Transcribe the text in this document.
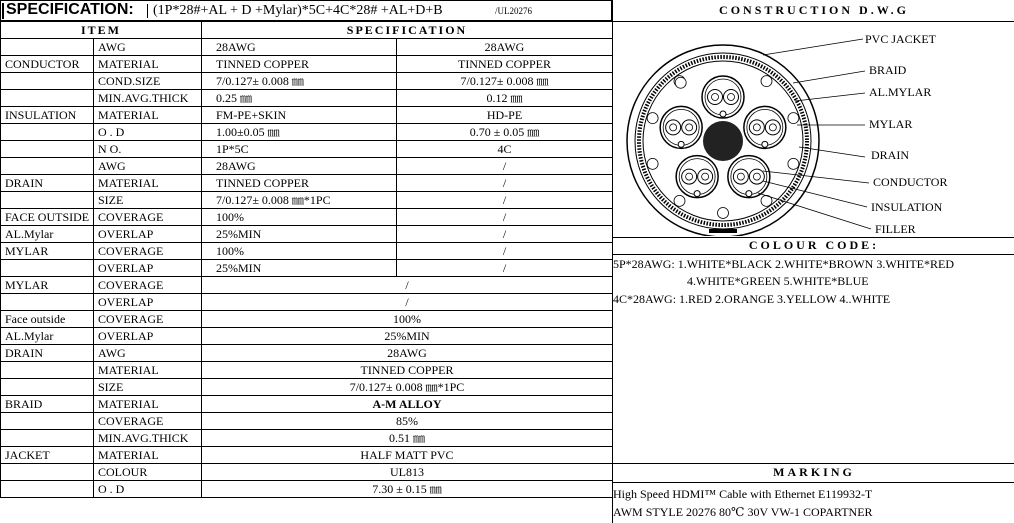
SPECIFICATION: (1P*28#+AL + D +Mylar)*5C+4C*28# +AL+D+B	/UL20276
ITEM		SPECIFICATION	
	AWG	28AWG	28AWG
CONDUCTOR	MATERIAL	TINNED COPPER	TINNED COPPER
	COND.SIZE	7/0.127± 0.008 ㎜	7/0.127± 0.008 ㎜
	MIN.AVG.THICK	0.25 ㎜	0.12 ㎜
INSULATION	MATERIAL	FM-PE+SKIN	HD-PE
	O . D	1.00±0.05 ㎜	0.70 ± 0.05 ㎜
	N O.	1P*5C	4C
	AWG	28AWG	/
DRAIN	MATERIAL	TINNED COPPER	/
	SIZE	7/0.127± 0.008 ㎜*1PC	/
FACE OUTSIDE	COVERAGE	100%	/
AL.Mylar	OVERLAP	25%MIN	/
MYLAR	COVERAGE	100%	/
	OVERLAP	25%MIN	/
MYLAR	COVERAGE	/	
	OVERLAP	/	
Face outside	COVERAGE	100%	
AL.Mylar	OVERLAP	25%MIN	
DRAIN	AWG	28AWG	
	MATERIAL	TINNED COPPER	
	SIZE	7/0.127± 0.008 ㎜*1PC	
BRAID	MATERIAL	A-M ALLOY	
	COVERAGE	85%	
	MIN.AVG.THICK	0.51 ㎜	
JACKET	MATERIAL	HALF MATT PVC	
	COLOUR	UL813	
	O . D	7.30 ± 0.15 ㎜	
CONSTRUCTION D.W.G
PVC JACKET
BRAID
AL.MYLAR
MYLAR
DRAIN
CONDUCTOR
INSULATION
FILLER
COLOUR CODE:
5P*28AWG: 1.WHITE*BLACK 2.WHITE*BROWN 3.WHITE*RED
4.WHITE*GREEN 5.WHITE*BLUE
4C*28AWG: 1.RED 2.ORANGE 3.YELLOW 4..WHITE
MARKING
High Speed HDMI™ Cable with Ethernet E119932-T
AWM STYLE 20276 80℃ 30V VW-1 COPARTNER
